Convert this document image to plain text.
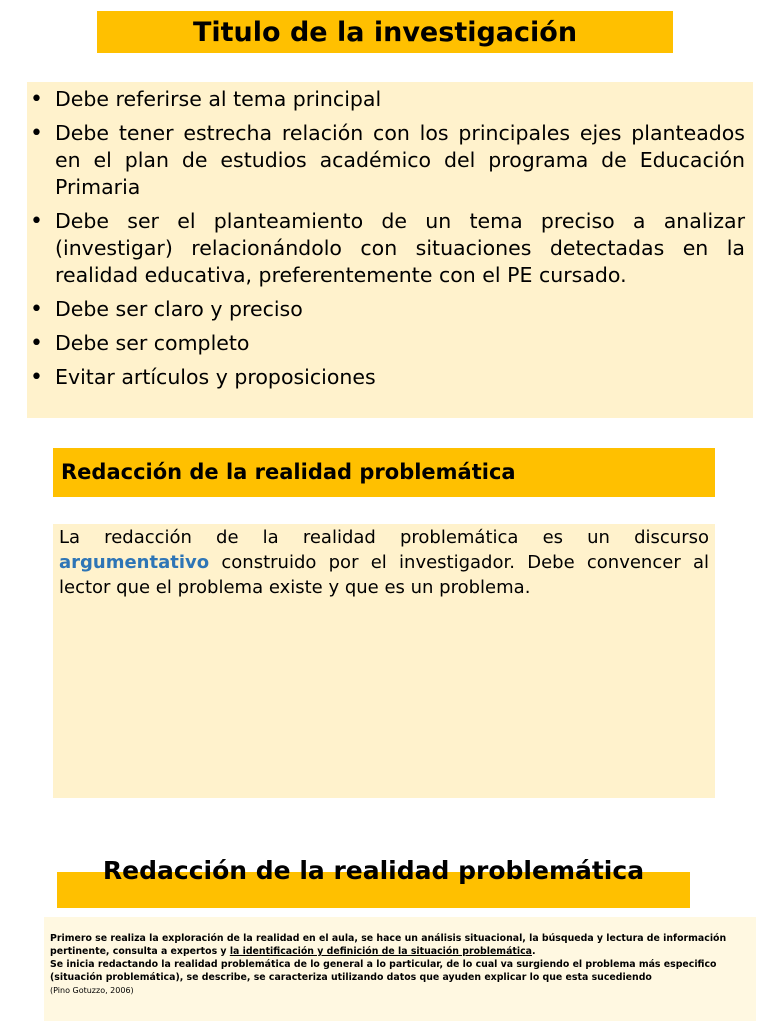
Titulo de la investigación
• Debe referirse al tema principal
• Debe tener estrecha relación con los principales ejes planteados en el plan de estudios académico del programa de Educación Primaria
• Debe ser el planteamiento de un tema preciso a analizar (investigar) relacionándolo con situaciones detectadas en la realidad educativa, preferentemente con el PE cursado.
• Debe ser claro y preciso
• Debe ser completo
• Evitar artículos y proposiciones
Redacción de la realidad problemática
La redacción de la realidad problemática es un discurso argumentativo construido por el investigador. Debe convencer al lector que el problema existe y que es un problema.
Redacción de la realidad problemática
Primero se realiza la exploración de la realidad en el aula, se hace un análisis situacional, la búsqueda y lectura de información pertinente, consulta a expertos y la identificación y definición de la situación problemática.
Se inicia redactando la realidad problemática de lo general a lo particular, de lo cual va surgiendo el problema más especifico (situación problemática), se describe, se caracteriza utilizando datos que ayuden explicar lo que esta sucediendo
(Pino Gotuzzo, 2006)
